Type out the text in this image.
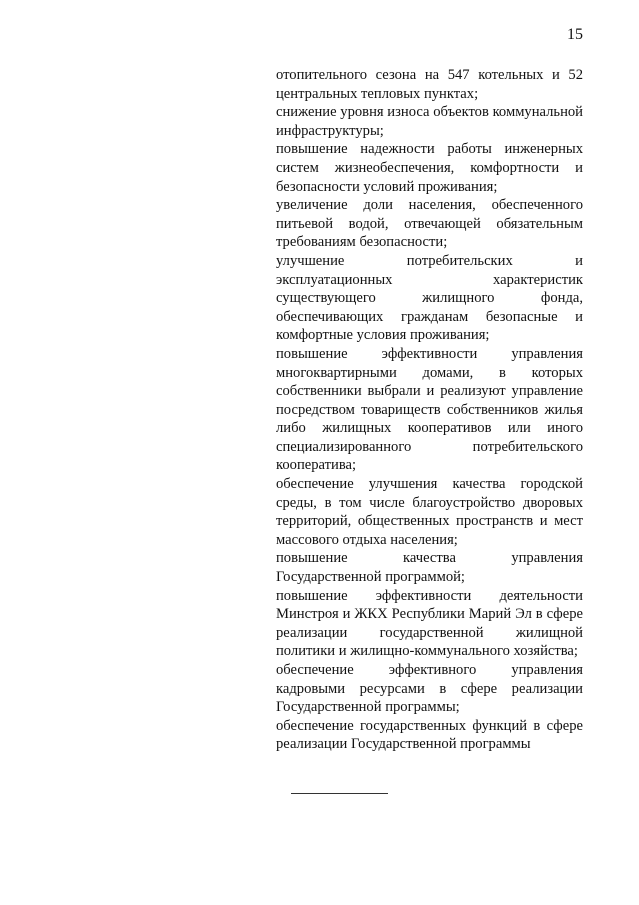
15

отопительного сезона на 547 котельных и 52 центральных тепловых пунктах;

снижение уровня износа объектов коммунальной инфраструктуры;

повышение надежности работы инженерных систем жизнеобеспечения, комфортности и безопасности условий проживания;

увеличение доли населения, обеспеченного питьевой водой, отвечающей обязательным требованиям безопасности;

улучшение потребительских и эксплуатационных характеристик существующего жилищного фонда, обеспечивающих гражданам безопасные и комфортные условия проживания;

повышение эффективности управления многоквартирными домами, в которых собственники выбрали и реализуют управление посредством товариществ собственников жилья либо жилищных кооперативов или иного специализированного потребительского кооператива;

обеспечение улучшения качества городской среды, в том числе благоустройство дворовых территорий, общественных пространств и мест массового отдыха населения;

повышение качества управления Государственной программой;

повышение эффективности деятельности Минстроя и ЖКХ Республики Марий Эл в сфере реализации государственной жилищной политики и жилищно-коммунального хозяйства;

обеспечение эффективного управления кадровыми ресурсами в сфере реализации Государственной программы;

обеспечение государственных функций в сфере реализации Государственной программы
